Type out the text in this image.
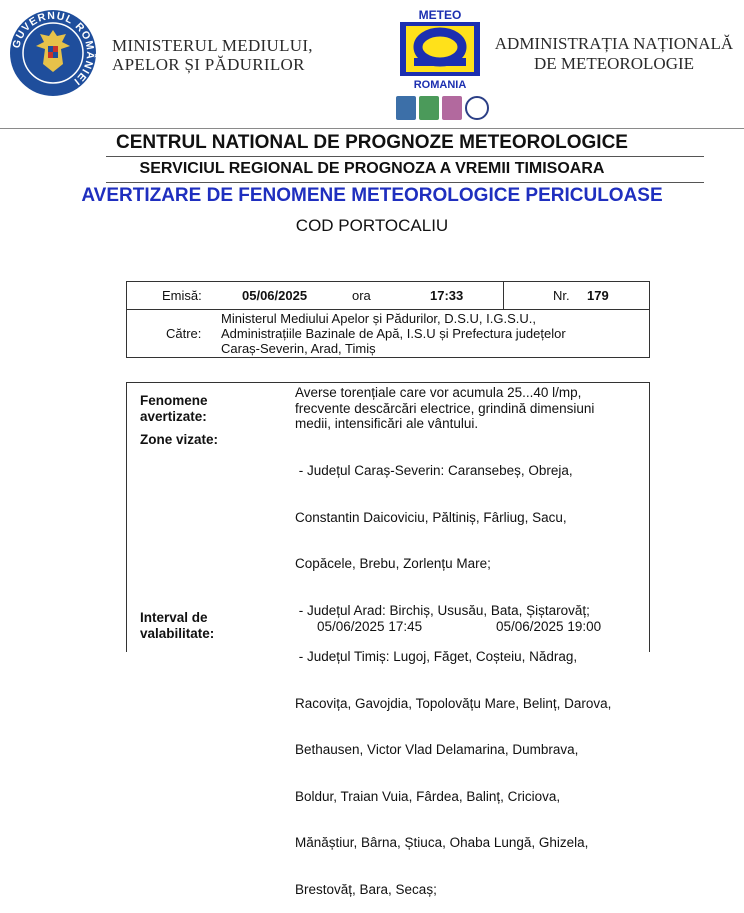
GUVERNUL ROMÂNIEI
MINISTERUL MEDIULUI,
APELOR ȘI PĂDURILOR
METEO
ROMANIA
ADMINISTRAȚIA NAȚIONALĂ
DE METEOROLOGIE
CENTRUL NATIONAL DE PROGNOZE METEOROLOGICE
SERVICIUL REGIONAL DE PROGNOZA A VREMII TIMISOARA
AVERTIZARE DE FENOMENE METEOROLOGICE PERICULOASE
COD PORTOCALIU
Emisă:	05/06/2025	ora	17:33	Nr. 179
Către:
Ministerul Mediului Apelor și Pădurilor, D.S.U, I.G.S.U.,
Administrațiile Bazinale de Apă, I.S.U și Prefectura județelor
Caraș-Severin, Arad, Timiș
Fenomene
avertizate:
Averse torențiale care vor acumula 25...40 l/mp,
frecvente descărcări electrice, grindină dimensiuni
medii, intensificări ale vântului.
Zone vizate:

- Județul Caraș-Severin: Caransebeș, Obreja,

Constantin Daicoviciu, Păltiniș, Fârliug, Sacu,

Copăcele, Brebu, Zorlențu Mare;

- Județul Arad: Birchiș, Ususău, Bata, Șiștarovăț;

- Județul Timiș: Lugoj, Făget, Coșteiu, Nădrag,

Racovița, Gavojdia, Topolovățu Mare, Belinț, Darova,

Bethausen, Victor Vlad Delamarina, Dumbrava,

Boldur, Traian Vuia, Fârdea, Balinț, Criciova,

Mănăștiur, Bârna, Știuca, Ohaba Lungă, Ghizela,

Brestovăț, Bara, Secaș;

Interval de
valabilitate:	05/06/2025 17:45	05/06/2025 19:00
